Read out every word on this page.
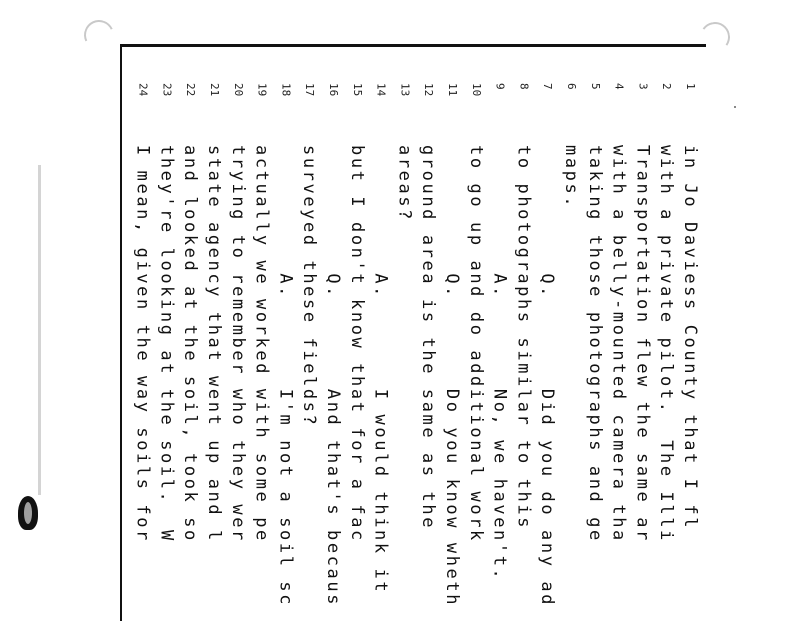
1
in Jo Daviess County that I fl
2
with a private pilot.  The Illi
3
Transportation flew the same ar
4
with a belly-mounted camera tha
5
taking those photographs and ge
6
maps.
7
Q.       Did you do any ad
8
to photographs similar to this
9
A.       No, we haven't.
10
to go up and do additional work
11
Q.       Do you know wheth
12
ground area is the same as the
13
areas?
14
A.       I would think it
15
but I don't know that for a fac
16
Q.       And that's becaus
17
surveyed these fields?
18
A.       I'm not a soil sc
19
actually we worked with some pe
20
trying to remember who they wer
21
state agency that went up and l
22
and looked at the soil, took so
23
they're looking at the soil.  W
24
I mean, given the way soils for
